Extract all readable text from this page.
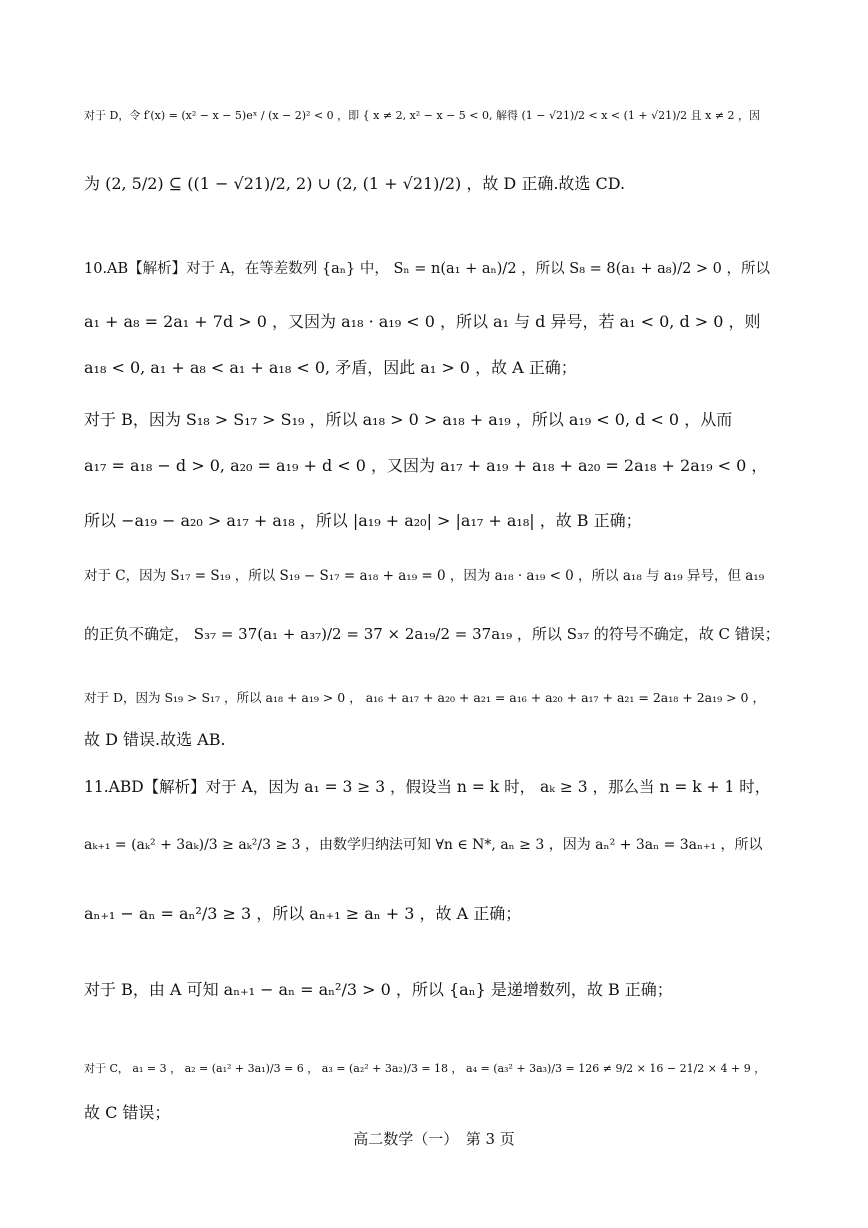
对于 D，令 f′(x) = (x² − x − 5)eˣ / (x − 2)² < 0 ，即 { x ≠ 2, x² − x − 5 < 0, 解得 (1 − √21)/2 < x < (1 + √21)/2 且 x ≠ 2 ，因
为 (2, 5/2) ⊆ ((1 − √21)/2, 2) ∪ (2, (1 + √21)/2) ，故 D 正确.故选 CD.
10.AB【解析】对于 A，在等差数列 {aₙ} 中， Sₙ = n(a₁ + aₙ)/2 ，所以 S₈ = 8(a₁ + a₈)/2 > 0 ，所以
a₁ + a₈ = 2a₁ + 7d > 0 ，又因为 a₁₈ · a₁₉ < 0 ，所以 a₁ 与 d 异号，若 a₁ < 0, d > 0 ，则
a₁₈ < 0, a₁ + a₈ < a₁ + a₁₈ < 0, 矛盾，因此 a₁ > 0 ，故 A 正确；
对于 B，因为 S₁₈ > S₁₇ > S₁₉ ，所以 a₁₈ > 0 > a₁₈ + a₁₉ ，所以 a₁₉ < 0, d < 0 ，从而
a₁₇ = a₁₈ − d > 0, a₂₀ = a₁₉ + d < 0 ，又因为 a₁₇ + a₁₉ + a₁₈ + a₂₀ = 2a₁₈ + 2a₁₉ < 0 ，
所以 −a₁₉ − a₂₀ > a₁₇ + a₁₈ ，所以 |a₁₉ + a₂₀| > |a₁₇ + a₁₈| ，故 B 正确；
对于 C，因为 S₁₇ = S₁₉ ，所以 S₁₉ − S₁₇ = a₁₈ + a₁₉ = 0 ，因为 a₁₈ · a₁₉ < 0 ，所以 a₁₈ 与 a₁₉ 异号，但 a₁₉
的正负不确定， S₃₇ = 37(a₁ + a₃₇)/2 = 37 × 2a₁₉/2 = 37a₁₉ ，所以 S₃₇ 的符号不确定，故 C 错误；
对于 D，因为 S₁₉ > S₁₇ ，所以 a₁₈ + a₁₉ > 0 ， a₁₆ + a₁₇ + a₂₀ + a₂₁ = a₁₆ + a₂₀ + a₁₇ + a₂₁ = 2a₁₈ + 2a₁₉ > 0 ，
故 D 错误.故选 AB.
11.ABD【解析】对于 A，因为 a₁ = 3 ≥ 3 ，假设当 n = k 时， aₖ ≥ 3 ，那么当 n = k + 1 时，
aₖ₊₁ = (aₖ² + 3aₖ)/3 ≥ aₖ²/3 ≥ 3 ，由数学归纳法可知 ∀n ∈ N*, aₙ ≥ 3 ，因为 aₙ² + 3aₙ = 3aₙ₊₁ ，所以
aₙ₊₁ − aₙ = aₙ²/3 ≥ 3 ，所以 aₙ₊₁ ≥ aₙ + 3 ，故 A 正确；
对于 B，由 A 可知 aₙ₊₁ − aₙ = aₙ²/3 > 0 ，所以 {aₙ} 是递增数列，故 B 正确；
对于 C， a₁ = 3 ， a₂ = (a₁² + 3a₁)/3 = 6 ， a₃ = (a₂² + 3a₂)/3 = 18 ， a₄ = (a₃² + 3a₃)/3 = 126 ≠ 9/2 × 16 − 21/2 × 4 + 9 ，
故 C 错误；
高二数学（一）　第 3 页
